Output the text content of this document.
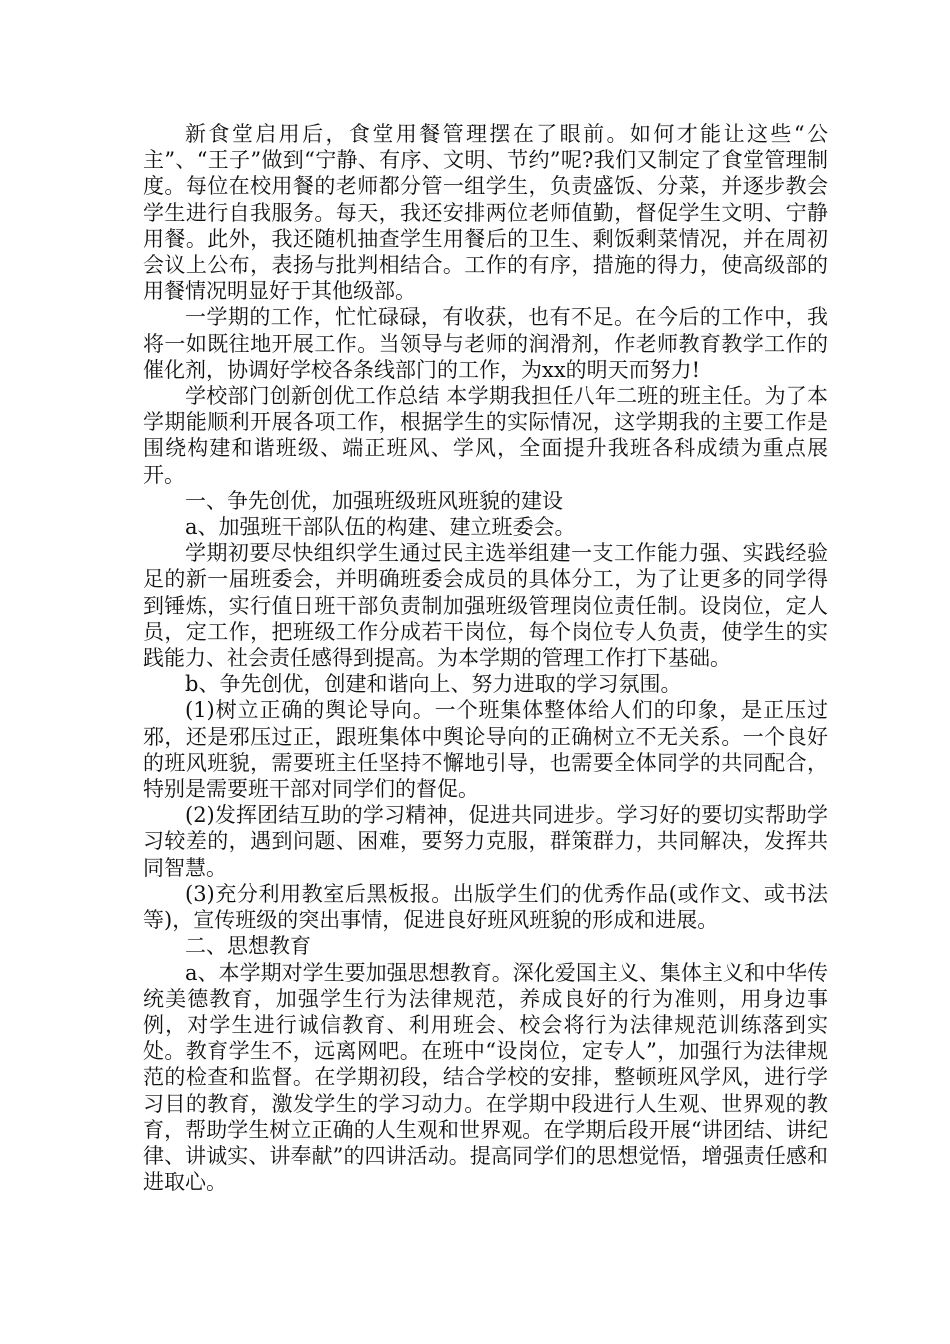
新食堂启用后，食堂用餐管理摆在了眼前。如何才能让这些“公主”、“王子”做到“宁静、有序、文明、节约”呢?我们又制定了食堂管理制度。每位在校用餐的老师都分管一组学生，负责盛饭、分菜，并逐步教会学生进行自我服务。每天，我还安排两位老师值勤，督促学生文明、宁静用餐。此外，我还随机抽查学生用餐后的卫生、剩饭剩菜情况，并在周初会议上公布，表扬与批判相结合。工作的有序，措施的得力，使高级部的用餐情况明显好于其他级部。

一学期的工作，忙忙碌碌，有收获，也有不足。在今后的工作中，我将一如既往地开展工作。当领导与老师的润滑剂，作老师教育教学工作的催化剂，协调好学校各条线部门的工作，为xx的明天而努力!

学校部门创新创优工作总结 本学期我担任八年二班的班主任。为了本学期能顺利开展各项工作，根据学生的实际情况，这学期我的主要工作是围绕构建和谐班级、端正班风、学风，全面提升我班各科成绩为重点展开。

一、争先创优，加强班级班风班貌的建设

a、加强班干部队伍的构建、建立班委会。

学期初要尽快组织学生通过民主选举组建一支工作能力强、实践经验足的新一届班委会，并明确班委会成员的具体分工，为了让更多的同学得到锤炼，实行值日班干部负责制加强班级管理岗位责任制。设岗位，定人员，定工作，把班级工作分成若干岗位，每个岗位专人负责，使学生的实践能力、社会责任感得到提高。为本学期的管理工作打下基础。

b、争先创优，创建和谐向上、努力进取的学习氛围。

(1)树立正确的舆论导向。一个班集体整体给人们的印象，是正压过邪，还是邪压过正，跟班集体中舆论导向的正确树立不无关系。一个良好的班风班貌，需要班主任坚持不懈地引导，也需要全体同学的共同配合，特别是需要班干部对同学们的督促。

(2)发挥团结互助的学习精神，促进共同进步。学习好的要切实帮助学习较差的，遇到问题、困难，要努力克服，群策群力，共同解决，发挥共同智慧。

(3)充分利用教室后黑板报。出版学生们的优秀作品(或作文、或书法等)，宣传班级的突出事情，促进良好班风班貌的形成和进展。

二、思想教育

a、本学期对学生要加强思想教育。深化爱国主义、集体主义和中华传统美德教育，加强学生行为法律规范，养成良好的行为准则，用身边事例，对学生进行诚信教育、利用班会、校会将行为法律规范训练落到实处。教育学生不，远离网吧。在班中“设岗位，定专人”，加强行为法律规范的检查和监督。在学期初段，结合学校的安排，整顿班风学风，进行学习目的教育，激发学生的学习动力。在学期中段进行人生观、世界观的教育，帮助学生树立正确的人生观和世界观。在学期后段开展“讲团结、讲纪律、讲诚实、讲奉献”的四讲活动。提高同学们的思想觉悟，增强责任感和进取心。
